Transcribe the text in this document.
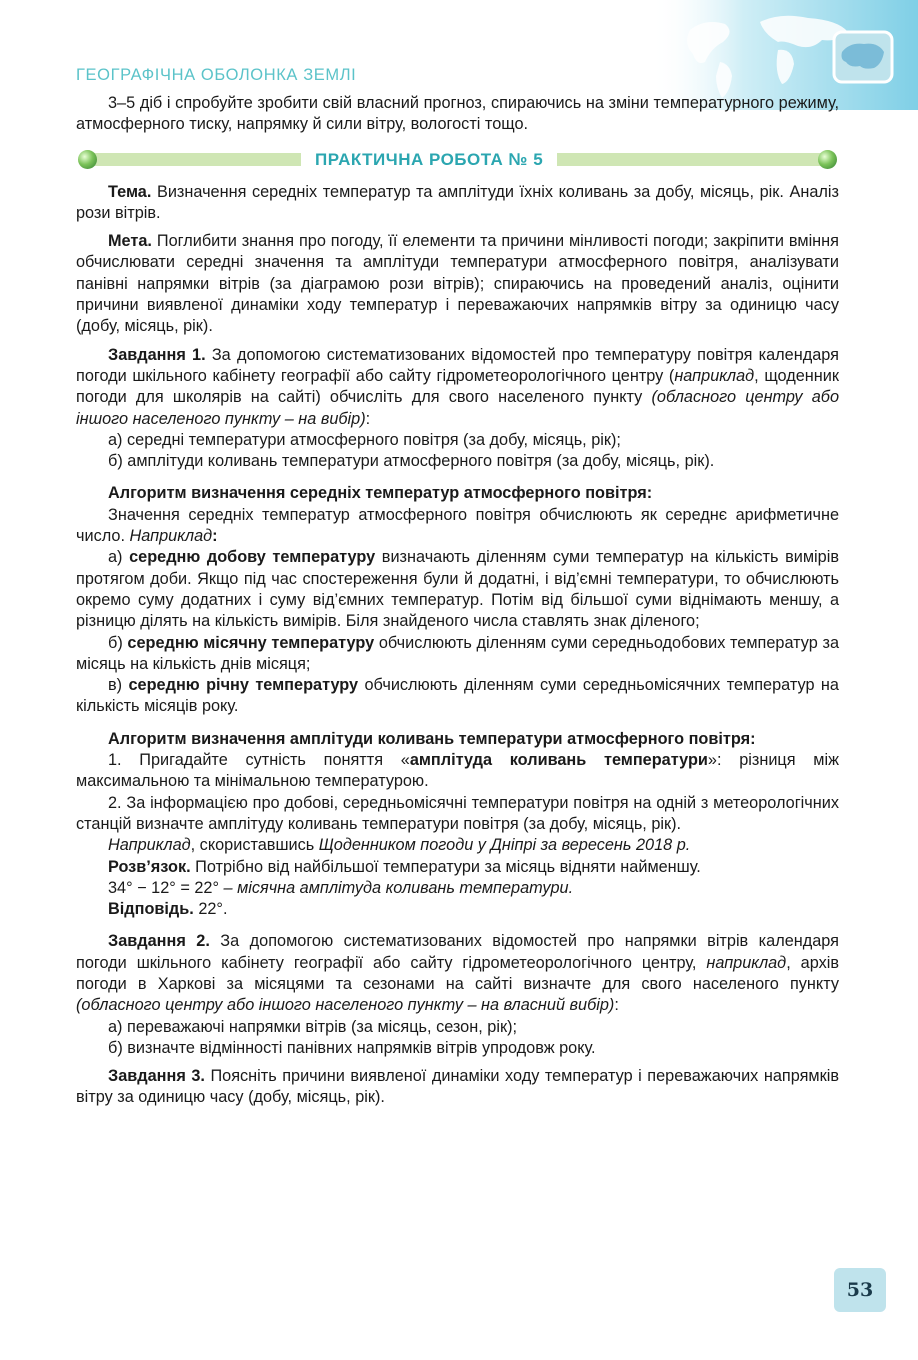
ГЕОГРАФІЧНА ОБОЛОНКА ЗЕМЛІ

3–5 діб і спробуйте зробити свій власний прогноз, спираючись на зміни температурного режиму, атмосферного тиску, напрямку й сили вітру, вологості тощо.

ПРАКТИЧНА РОБОТА № 5

Тема. Визначення середніх температур та амплітуди їхніх коливань за добу, місяць, рік. Аналіз рози вітрів.

Мета. Поглибити знання про погоду, її елементи та причини мінливості погоди; закріпити вміння обчислювати середні значення та амплітуди температури атмосферного повітря, аналізувати панівні напрямки вітрів (за діаграмою рози вітрів); спираючись на проведений аналіз, оцінити причини виявленої динаміки ходу температур і переважаючих напрямків вітру за одиницю часу (добу, місяць, рік).

Завдання 1. За допомогою систематизованих відомостей про температуру повітря календаря погоди шкільного кабінету географії або сайту гідрометеорологічного центру (наприклад, щоденник погоди для школярів на сайті) обчисліть для свого населеного пункту (обласного центру або іншого населеного пункту – на вибір):

а) середні температури атмосферного повітря (за добу, місяць, рік);

б) амплітуди коливань температури атмосферного повітря (за добу, місяць, рік).

Алгоритм визначення середніх температур атмосферного повітря:

Значення середніх температур атмосферного повітря обчислюють як середнє арифметичне число. Наприклад:

а) середню добову температуру визначають діленням суми температур на кількість вимірів протягом доби. Якщо під час спостереження були й додатні, і від’ємні температури, то обчислюють окремо суму додатних і суму від’ємних температур. Потім від більшої суми віднімають меншу, а різницю ділять на кількість вимірів. Біля знайденого числа ставлять знак діленого;

б) середню місячну температуру обчислюють діленням суми середньодобових температур за місяць на кількість днів місяця;

в) середню річну температуру обчислюють діленням суми середньомісячних температур на кількість місяців року.

Алгоритм визначення амплітуди коливань температури атмосферного повітря:

1. Пригадайте сутність поняття «амплітуда коливань температури»: різниця між максимальною та мінімальною температурою.

2. За інформацією про добові, середньомісячні температури повітря на одній з метеорологічних станцій визначте амплітуду коливань температури повітря (за добу, місяць, рік).

Наприклад, скориставшись Щоденником погоди у Дніпрі за вересень 2018 р.

Розв’язок. Потрібно від найбільшої температури за місяць відняти найменшу.

34° − 12° = 22° – місячна амплітуда коливань температури.

Відповідь. 22°.

Завдання 2. За допомогою систематизованих відомостей про напрямки вітрів календаря погоди шкільного кабінету географії або сайту гідрометеорологічного центру, наприклад, архів погоди в Харкові за місяцями та сезонами на сайті визначте для свого населеного пункту (обласного центру або іншого населеного пункту – на власний вибір):

а) переважаючі напрямки вітрів (за місяць, сезон, рік);

б) визначте відмінності панівних напрямків вітрів упродовж року.

Завдання 3. Поясніть причини виявленої динаміки ходу температур і переважаючих напрямків вітру за одиницю часу (добу, місяць, рік).

53
